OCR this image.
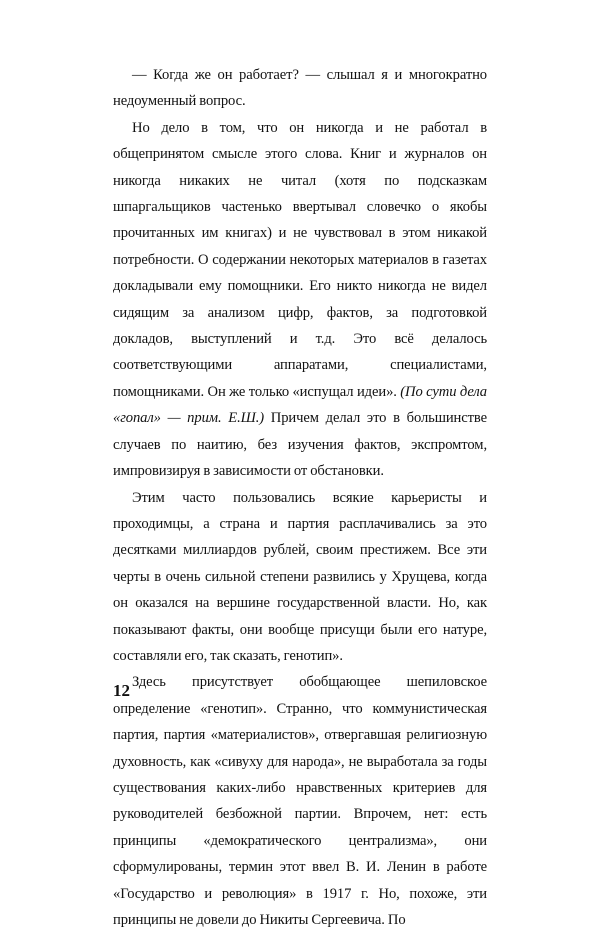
— Когда же он работает? — слышал я и многократно недоуменный вопрос.

Но дело в том, что он никогда и не работал в общепринятом смысле этого слова. Книг и журналов он никогда никаких не читал (хотя по подсказкам шпаргальщиков частенько ввертывал словечко о якобы прочитанных им книгах) и не чувствовал в этом никакой потребности. О содержании некоторых материалов в газетах докладывали ему помощники. Его никто никогда не видел сидящим за анализом цифр, фактов, за подготовкой докладов, выступлений и т.д. Это всё делалось соответствующими аппаратами, специалистами, помощниками. Он же только «испущал идеи». (По сути дела «гопал» — прим. Е.Ш.) Причем делал это в большинстве случаев по наитию, без изучения фактов, экспромтом, импровизируя в зависимости от обстановки.

Этим часто пользовались всякие карьеристы и проходимцы, а страна и партия расплачивались за это десятками миллиардов рублей, своим престижем. Все эти черты в очень сильной степени развились у Хрущева, когда он оказался на вершине государственной власти. Но, как показывают факты, они вообще присущи были его натуре, составляли его, так сказать, генотип».

Здесь присутствует обобщающее шепиловское определение «генотип». Странно, что коммунистическая партия, партия «материалистов», отвергавшая религиозную духовность, как «сивуху для народа», не выработала за годы существования каких-либо нравственных критериев для руководителей безбожной партии. Впрочем, нет: есть принципы «демократического централизма», они сформулированы, термин этот ввел В. И. Ленин в работе «Государство и революция» в 1917 г. Но, похоже, эти принципы не довели до Никиты Сергеевича. По

12
